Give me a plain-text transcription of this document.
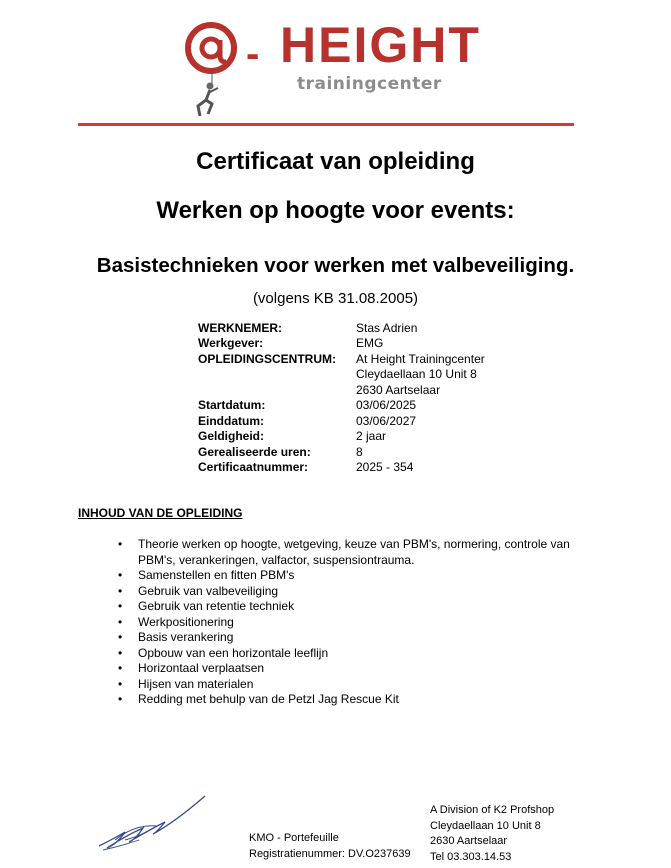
- HEIGHT
trainingcenter
Certificaat van opleiding
Werken op hoogte voor events:
Basistechnieken voor werken met valbeveiliging.
(volgens KB 31.08.2005)
WERKNEMER:	Stas Adrien
Werkgever:	EMG
OPLEIDINGSCENTRUM: At Height Trainingcenter
Cleydaellaan 10 Unit 8
2630 Aartselaar
Startdatum:	03/06/2025
Einddatum:	03/06/2027
Geldigheid:	2 jaar
Gerealiseerde uren:	8
Certificaatnummer:	2025 - 354
INHOUD VAN DE OPLEIDING
• Theorie werken op hoogte, wetgeving, keuze van PBM's, normering, controle van PBM's, verankeringen, valfactor, suspensiontrauma.
• Samenstellen en fitten PBM's
• Gebruik van valbeveiliging
• Gebruik van retentie techniek
• Werkpositionering
• Basis verankering
• Opbouw van een horizontale leeflijn
• Horizontaal verplaatsen
• Hijsen van materialen
• Redding met behulp van de Petzl Jag Rescue Kit
KMO - Portefeuille
Registratienummer: DV.O237639
A Division of K2 Profshop
Cleydaellaan 10 Unit 8
2630 Aartselaar
Tel 03.303.14.53
